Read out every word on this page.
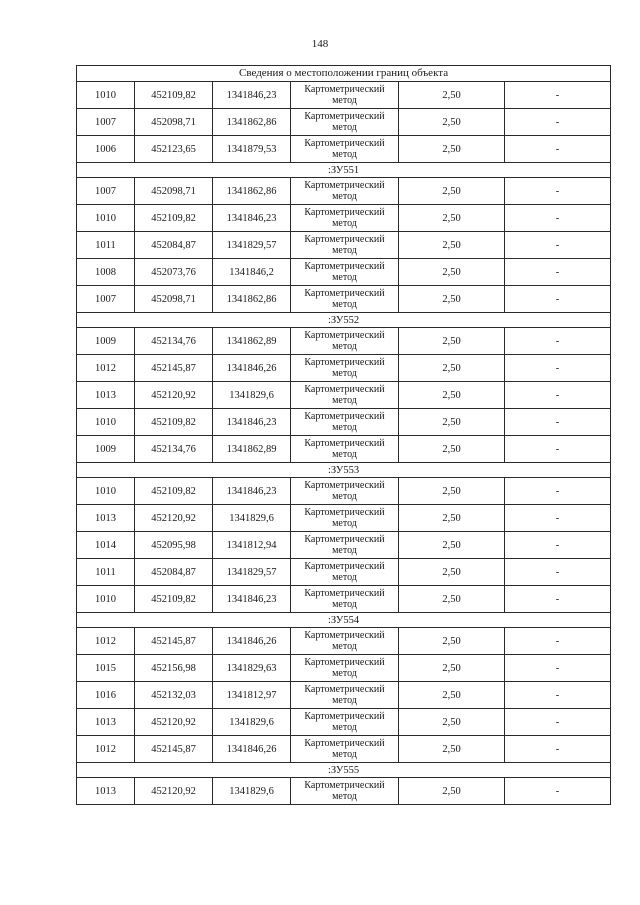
148
Сведения о местоположении границ объекта					
1010	452109,82	1341846,23	Картометрический метод	2,50	-
1007	452098,71	1341862,86	Картометрический метод	2,50	-
1006	452123,65	1341879,53	Картометрический метод	2,50	-
:ЗУ551					
1007	452098,71	1341862,86	Картометрический метод	2,50	-
1010	452109,82	1341846,23	Картометрический метод	2,50	-
1011	452084,87	1341829,57	Картометрический метод	2,50	-
1008	452073,76	1341846,2	Картометрический метод	2,50	-
1007	452098,71	1341862,86	Картометрический метод	2,50	-
:ЗУ552					
1009	452134,76	1341862,89	Картометрический метод	2,50	-
1012	452145,87	1341846,26	Картометрический метод	2,50	-
1013	452120,92	1341829,6	Картометрический метод	2,50	-
1010	452109,82	1341846,23	Картометрический метод	2,50	-
1009	452134,76	1341862,89	Картометрический метод	2,50	-
:ЗУ553					
1010	452109,82	1341846,23	Картометрический метод	2,50	-
1013	452120,92	1341829,6	Картометрический метод	2,50	-
1014	452095,98	1341812,94	Картометрический метод	2,50	-
1011	452084,87	1341829,57	Картометрический метод	2,50	-
1010	452109,82	1341846,23	Картометрический метод	2,50	-
:ЗУ554					
1012	452145,87	1341846,26	Картометрический метод	2,50	-
1015	452156,98	1341829,63	Картометрический метод	2,50	-
1016	452132,03	1341812,97	Картометрический метод	2,50	-
1013	452120,92	1341829,6	Картометрический метод	2,50	-
1012	452145,87	1341846,26	Картометрический метод	2,50	-
:ЗУ555					
1013	452120,92	1341829,6	Картометрический метод	2,50	-
